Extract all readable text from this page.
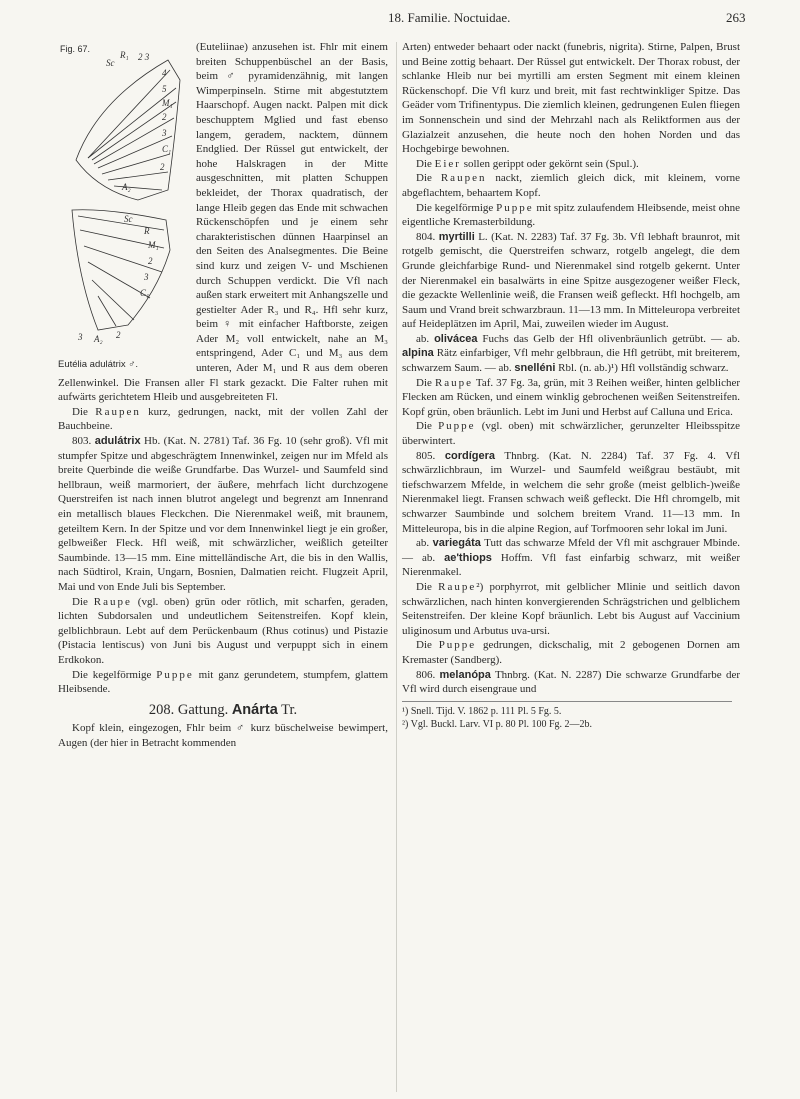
18. Familie. Noctuidae.	263
Fig. 67.
Sc
R₁ 2 3
4
5
M₁
2
3
C₁
2
A₂
Sc
R
M₁
2
3
C₁
2
3 A₂
Eutélia adulátrix ♂.

(Euteliinae) anzusehen ist. Fhlr mit einem breiten Schuppenbüschel an der Basis, beim ♂ pyramidenzähnig, mit langen Wimperpinseln. Stirne mit abgestutztem Haarschopf. Augen nackt. Palpen mit dick beschupptem Mglied und fast ebenso langem, geradem, nacktem, dünnem Endglied. Der Rüssel gut entwickelt, der hohe Halskragen in der Mitte ausgeschnitten, mit platten Schuppen bekleidet, der Thorax quadratisch, der lange Hleib gegen das Ende mit schwachen Rückenschöpfen und je einem sehr charakteristischen dünnen Haarpinsel an den Seiten des Analsegmentes. Die Beine sind kurz und zeigen V- und Mschienen durch Schuppen verdickt. Die Vfl nach außen stark erweitert mit Anhangszelle und gestielter Ader R₃ und R₄. Hfl sehr kurz, beim ♀ mit einfacher Haftborste, zeigen Ader M₂ voll entwickelt, nahe an M₃ entspringend, Ader C₁ und M₃ aus dem unteren, Ader M₁ und R aus dem oberen Zellenwinkel. Die Fransen aller Fl stark gezackt. Die Falter ruhen mit aufwärts gerichtetem Hleib und ausgebreiteten Fl.

Die Raupen kurz, gedrungen, nackt, mit der vollen Zahl der Bauchbeine.

803. adulátrix Hb. (Kat. N. 2781) Taf. 36 Fg. 10 (sehr groß). Vfl mit stumpfer Spitze und abgeschrägtem Innenwinkel, zeigen nur im Mfeld als breite Querbinde die weiße Grundfarbe. Das Wurzel- und Saumfeld sind hellbraun, weiß marmoriert, der äußere, mehrfach licht durchzogene Querstreifen ist nach innen blutrot angelegt und begrenzt am Innenrand ein metallisch blaues Fleckchen. Die Nierenmakel weiß, mit braunem, geteiltem Kern. In der Spitze und vor dem Innenwinkel liegt je ein großer, gelbweißer Fleck. Hfl weiß, mit schwärzlicher, weißlich geteilter Saumbinde. 13—15 mm. Eine mittelländische Art, die bis in den Wallis, nach Südtirol, Krain, Ungarn, Bosnien, Dalmatien reicht. Flugzeit April, Mai und von Ende Juli bis September.

Die Raupe (vgl. oben) grün oder rötlich, mit scharfen, geraden, lichten Subdorsalen und undeutlichem Seitenstreifen. Kopf klein, gelblichbraun. Lebt auf dem Perückenbaum (Rhus cotinus) und Pistazie (Pistacia lentiscus) von Juni bis August und verpuppt sich in einem Erdkokon.

Die kegelförmige Puppe mit ganz gerundetem, stumpfem, glattem Hleibsende.

208. Gattung. Anárta Tr.

Kopf klein, eingezogen, Fhlr beim ♂ kurz büschelweise bewimpert, Augen (der hier in Betracht kommenden

Arten) entweder behaart oder nackt (funebris, nigrita). Stirne, Palpen, Brust und Beine zottig behaart. Der Rüssel gut entwickelt. Der Thorax robust, der schlanke Hleib nur bei myrtilli am ersten Segment mit einem kleinen Rückenschopf. Die Vfl kurz und breit, mit fast rechtwinkliger Spitze. Das Geäder vom Trifinentypus. Die ziemlich kleinen, gedrungenen Eulen fliegen im Sonnenschein und sind der Mehrzahl nach als Reliktformen aus der Glazialzeit anzusehen, die heute noch den hohen Norden und das Hochgebirge bewohnen.

Die Eier sollen gerippt oder gekörnt sein (Spul.).

Die Raupen nackt, ziemlich gleich dick, mit kleinem, vorne abgeflachtem, behaartem Kopf.

Die kegelförmige Puppe mit spitz zulaufendem Hleibsende, meist ohne eigentliche Kremasterbildung.

804. myrtilli L. (Kat. N. 2283) Taf. 37 Fg. 3b. Vfl lebhaft braunrot, mit rotgelb gemischt, die Querstreifen schwarz, rotgelb angelegt, die dem Grunde gleichfarbige Rund- und Nierenmakel sind rotgelb gekernt. Unter der Nierenmakel ein basalwärts in eine Spitze ausgezogener weißer Fleck, die gezackte Wellenlinie weiß, die Fransen weiß gefleckt. Hfl hochgelb, am Saum und Vrand breit schwarzbraun. 11—13 mm. In Mitteleuropa verbreitet auf Heideplätzen im April, Mai, zuweilen wieder im August.

ab. olivácea Fuchs das Gelb der Hfl olivenbräunlich getrübt. — ab. alpina Rätz einfarbiger, Vfl mehr gelbbraun, die Hfl getrübt, mit breiterem, schwarzem Saum. — ab. snelléni Rbl. (n. ab.)¹) Hfl vollständig schwarz.

Die Raupe Taf. 37 Fg. 3a, grün, mit 3 Reihen weißer, hinten gelblicher Flecken am Rücken, und einem winklig gebrochenen weißen Seitenstreifen. Kopf grün, oben bräunlich. Lebt im Juni und Herbst auf Calluna und Erica.

Die Puppe (vgl. oben) mit schwärzlicher, gerunzelter Hleibsspitze überwintert.

805. cordígera Thnbrg. (Kat. N. 2284) Taf. 37 Fg. 4. Vfl schwärzlichbraun, im Wurzel- und Saumfeld weißgrau bestäubt, mit tiefschwarzem Mfelde, in welchem die sehr große (meist gelblich-)weiße Nierenmakel liegt. Fransen schwach weiß gefleckt. Die Hfl chromgelb, mit schwarzer Saumbinde und solchem breitem Vrand. 11—13 mm. In Mitteleuropa, bis in die alpine Region, auf Torfmooren sehr lokal im Juni.

ab. variegáta Tutt das schwarze Mfeld der Vfl mit aschgrauer Mbinde. — ab. ae'thiops Hoffm. Vfl fast einfarbig schwarz, mit weißer Nierenmakel.

Die Raupe²) porphyrrot, mit gelblicher Mlinie und seitlich davon schwärzlichen, nach hinten konvergierenden Schrägstrichen und gelblichem Seitenstreifen. Der kleine Kopf bräunlich. Lebt bis August auf Vaccinium uliginosum und Arbutus uva-ursi.

Die Puppe gedrungen, dickschalig, mit 2 gebogenen Dornen am Kremaster (Sandberg).

806. melanópa Thnbrg. (Kat. N. 2287) Die schwarze Grundfarbe der Vfl wird durch eisengraue und

¹) Snell. Tijd. V. 1862 p. 111 Pl. 5 Fg. 5.

²) Vgl. Buckl. Larv. VI p. 80 Pl. 100 Fg. 2—2b.
